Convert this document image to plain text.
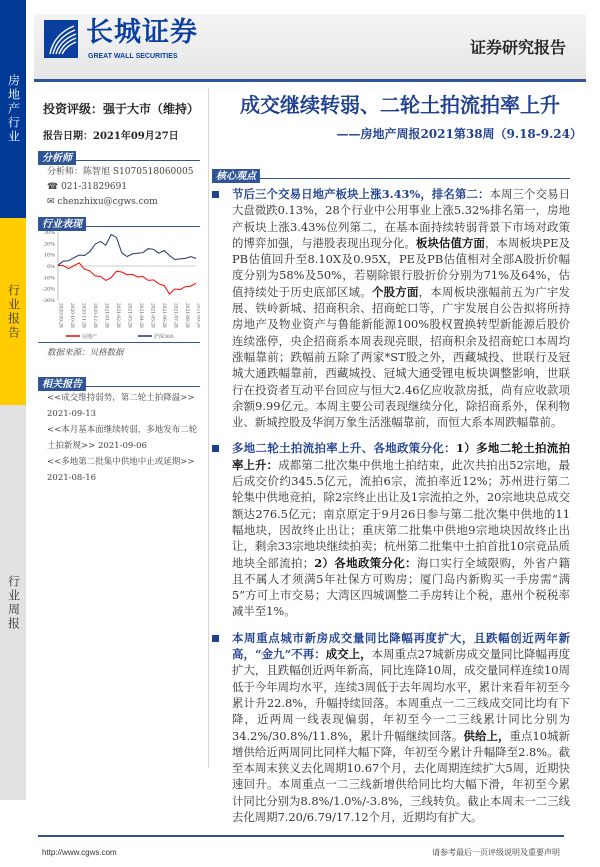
房地产行业
行业报告
行业周报
长城证券
GREAT WALL SECURITIES	证券研究报告
投资评级：强于大市（维持）
报告日期：2021年09月27日
分析师
分析师：陈智旭 S1070518060005
☎ 021-31829691
✉ chenzhixu@cgws.com
行业表现
30%
20%
10%
0%
-10%
-20%
-30%
2020-09-28 2020-10-28 2020-11-28 2020-12-28 2021-01-28 2021-02-28 2021-03-28 2021-04-28 2021-05-28 2021-06-28 2021-07-28 2021-08-28 2021-09-28
房地产	沪深300
数据来源：贝格数据
相关报告
<<成交维持弱势，第二轮土拍降温>>
2021-09-13
<<本月基本面继续转弱，多地发布二轮土拍新规>> 2021-09-06
<<多地第二批集中供地中止或延期>>
2021-08-16
成交继续转弱、二轮土拍流拍率上升
——房地产周报2021第38周（9.18-9.24）
核心观点
节后三个交易日地产板块上涨3.43%，排名第二：本周三个交易日大盘微跌0.13%，28个行业中公用事业上涨5.32%排名第一，房地产板块上涨3.43%位列第二，在基本面持续转弱背景下市场对政策的博弈加强，与港股表现出现分化。板块估值方面，本周板块PE及PB估值回升至8.10X及0.95X，PE及PB估值相对全部A股折价幅度分别为58%及50%，若剔除银行股折价分别为71%及64%，估值持续处于历史底部区域。个股方面，本周板块涨幅前五为广宇发展、铁岭新城、招商积余、招商蛇口等，广宇发展自公告拟将所持房地产及物业资产与鲁能新能源100%股权置换转型新能源后股价连续涨停，央企招商系本周表现亮眼，招商积余及招商蛇口本周均涨幅靠前；跌幅前五除了两家*ST股之外，西藏城投、世联行及冠城大通跌幅靠前，西藏城投、冠城大通受锂电板块调整影响，世联行在投资者互动平台回应与恒大2.46亿应收款房抵，尚有应收款项余额9.99亿元。本周主要公司表现继续分化，除招商系外，保利物业、新城控股及华润万象生活涨幅靠前，而恒大系本周跌幅靠前。
多地二轮土拍流拍率上升、各地政策分化：1）多地二轮土拍流拍率上升：成都第二批次集中供地土拍结束，此次共拍出52宗地，最后成交价约345.5亿元，流拍6宗，流拍率近12%；苏州进行第二轮集中供地竞拍，除2宗终止出让及1宗流拍之外，20宗地块总成交额达276.5亿元；南京原定于9月26日参与第二批次集中供地的11幅地块，因故终止出让；重庆第二批集中供地9宗地块因故终止出让，剩余33宗地块继续拍卖；杭州第二批集中土拍首批10宗竞品质地块全部流拍；2）各地政策分化：海口实行全域限购，外省户籍且不属人才须满5年社保方可购房；厦门岛内新购买一手房需“满5”方可上市交易；大湾区四城调整二手房转让个税，惠州个税税率减半至1%。
本周重点城市新房成交量同比降幅再度扩大，且跌幅创近两年新高，“金九”不再：成交上，本周重点27城新房成交量同比降幅再度扩大，且跌幅创近两年新高，同比连降10周，成交量同样连续10周低于今年周均水平，连续3周低于去年周均水平，累计来看年初至今累计升22.8%，升幅持续回落。本周重点一二三线成交同比均有下降，近两周一线表现偏弱，年初至今一二三线累计同比分别为34.2%/30.8%/11.8%，累计升幅继续回落。供给上，重点10城新增供给近两周同比同样大幅下降，年初至今累计升幅降至2.8%。截至本周末狭义去化周期10.67个月，去化周期连续扩大5周，近期快速回升。本周重点一二三线新增供给同比均大幅下滑，年初至今累计同比分别为8.8%/1.0%/-3.8%，三线转负。截止本周末一二三线去化周期7.20/6.79/17.12个月，近期均有扩大。
http://www.cgws.com	请参考最后一页评级说明及重要声明
